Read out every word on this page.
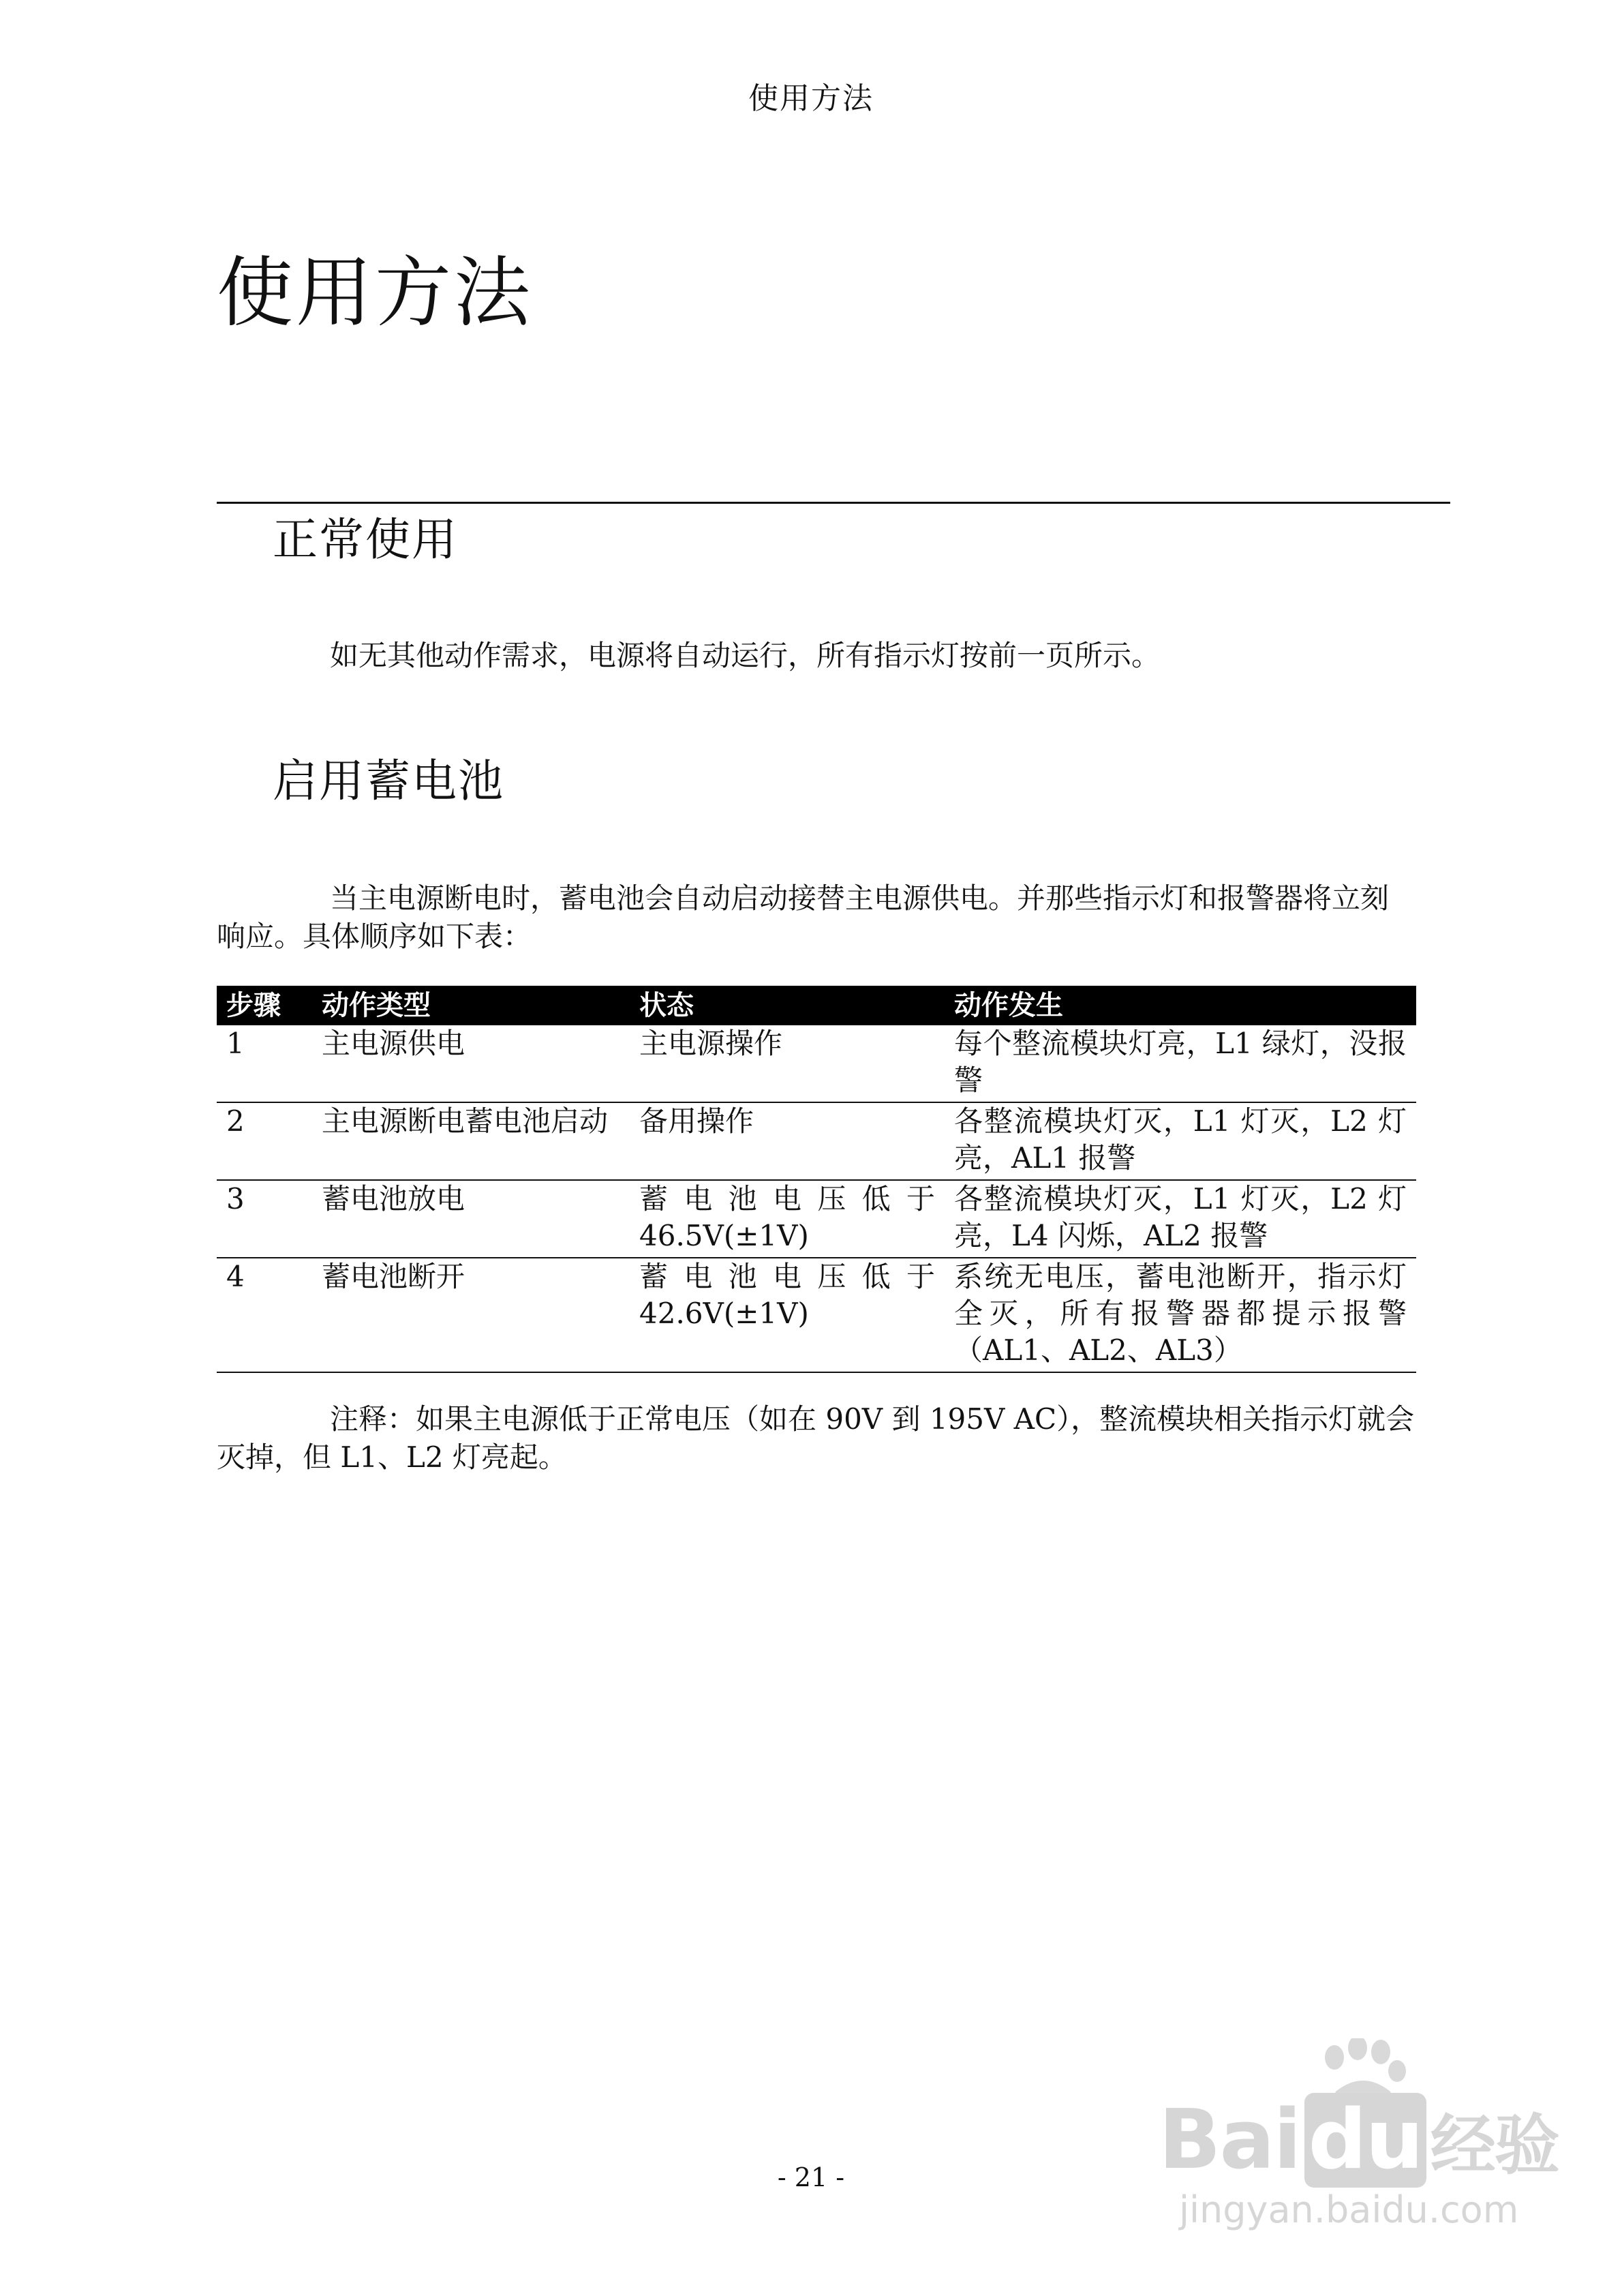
使用方法
使用方法
正常使用

如无其他动作需求，电源将自动运行，所有指示灯按前一页所示。

启用蓄电池

当主电源断电时，蓄电池会自动启动接替主电源供电。并那些指示灯和报警器将立刻响应。具体顺序如下表：

步骤	动作类型	状态	动作发生
1	主电源供电	主电源操作	每个整流模块灯亮，L1 绿灯，没报警
2	主电源断电蓄电池启动	备用操作	各整流模块灯灭，L1 灯灭，L2 灯亮，AL1 报警
3	蓄电池放电	蓄电池电压低于 46.5V(±1V)	各整流模块灯灭，L1 灯灭，L2 灯亮，L4 闪烁，AL2 报警
4	蓄电池断开	蓄电池电压低于 42.6V(±1V)	系统无电压，蓄电池断开，指示灯全灭，所有报警器都提示报警（AL1、AL2、AL3）

注释：如果主电源低于正常电压（如在 90V 到 195V AC），整流模块相关指示灯就会灭掉，但 L1、L2 灯亮起。

- 21 -	Bai du 经验
jingyan.baidu.com
